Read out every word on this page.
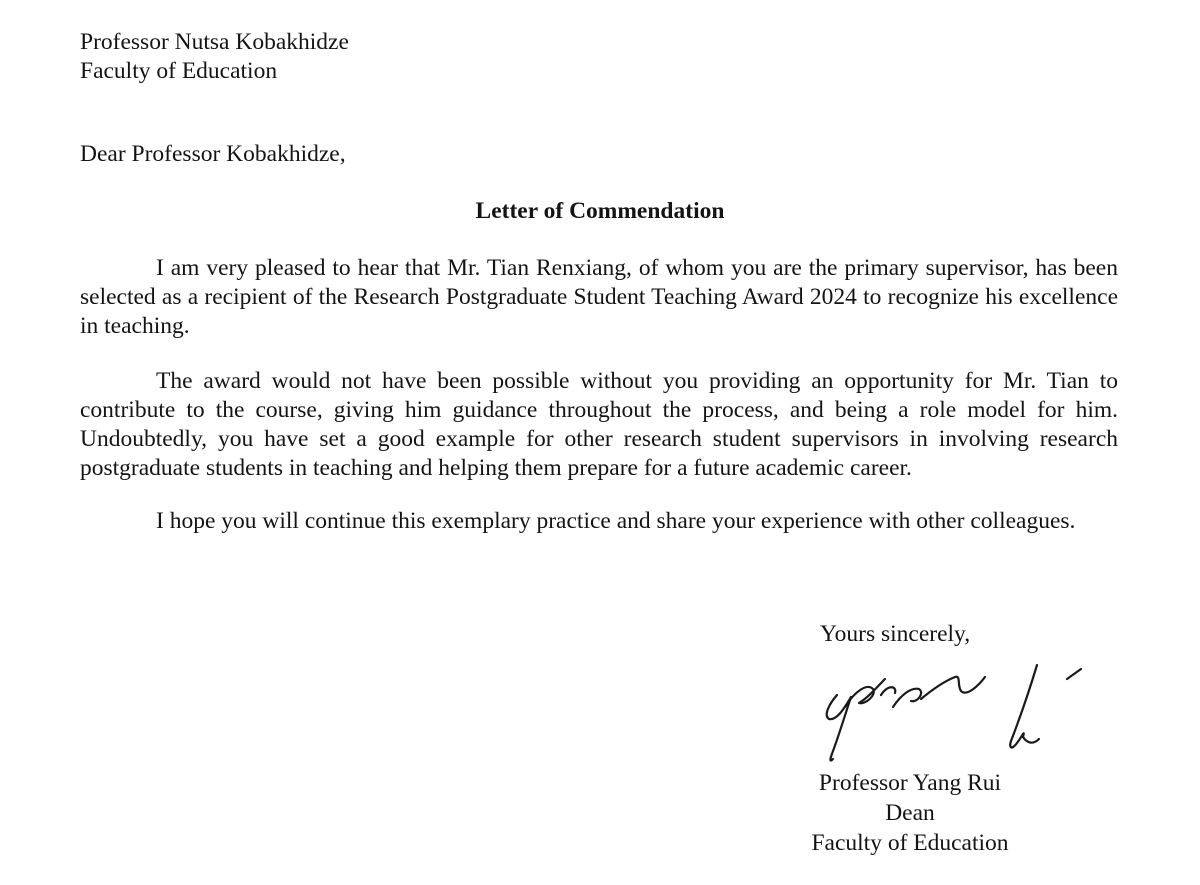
Professor Nutsa Kobakhidze
Faculty of Education
Dear Professor Kobakhidze,
Letter of Commendation
I am very pleased to hear that Mr. Tian Renxiang, of whom you are the primary supervisor, has been selected as a recipient of the Research Postgraduate Student Teaching Award 2024 to recognize his excellence in teaching.
The award would not have been possible without you providing an opportunity for Mr. Tian to contribute to the course, giving him guidance throughout the process, and being a role model for him. Undoubtedly, you have set a good example for other research student supervisors in involving research postgraduate students in teaching and helping them prepare for a future academic career.
I hope you will continue this exemplary practice and share your experience with other colleagues.
Yours sincerely,
Professor Yang Rui
Dean
Faculty of Education
